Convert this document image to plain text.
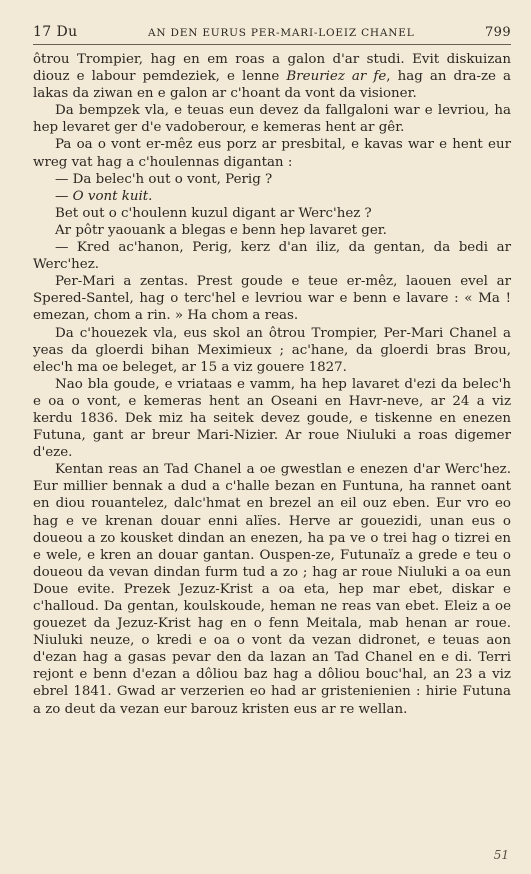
17 Du	AN DEN EURUS PER-MARI-LOEIZ CHANEL	799

ôtrou Trompier, hag en em roas a galon d'ar studi. Evit diskuizan diouz e labour pemdeziek, e lenne Breuriez ar fe, hag an dra-ze a lakas da ziwan en e galon ar c'hoant da vont da visioner.

Da bempzek vla, e teuas eun devez da fallgaloni war e levriou, ha hep levaret ger d'e vadoberour, e kemeras hent ar gêr.

Pa oa o vont er-mêz eus porz ar presbital, e kavas war e hent eur wreg vat hag a c'houlennas digantan :

— Da belec'h out o vont, Perig ?

— O vont kuit.

Bet out o c'houlenn kuzul digant ar Werc'hez ?

Ar pôtr yaouank a blegas e benn hep lavaret ger.

— Kred ac'hanon, Perig, kerz d'an iliz, da gentan, da bedi ar Werc'hez.

Per-Mari a zentas. Prest goude e teue er-mêz, laouen evel ar Spered-Santel, hag o terc'hel e levriou war e benn e lavare : « Ma ! emezan, chom a rin. » Ha chom a reas.

Da c'houezek vla, eus skol an ôtrou Trompier, Per-Mari Chanel a yeas da gloerdi bihan Meximieux ; ac'hane, da gloerdi bras Brou, elec'h ma oe beleget, ar 15 a viz gouere 1827.

Nao bla goude, e vriataas e vamm, ha hep lavaret d'ezi da belec'h e oa o vont, e kemeras hent an Oseani en Havr-neve, ar 24 a viz kerdu 1836. Dek miz ha seitek devez goude, e tiskenne en enezen Futuna, gant ar breur Mari-Nizier. Ar roue Niuluki a roas digemer d'eze.

Kentan reas an Tad Chanel a oe gwestlan e enezen d'ar Werc'hez. Eur millier bennak a dud a c'halle bezan en Funtuna, ha rannet oant en diou rouantelez, dalc'hmat en brezel an eil ouz eben. Eur vro eo hag e ve krenan douar enni alïes. Herve ar gouezidi, unan eus o doueou a zo kousket dindan an enezen, ha pa ve o trei hag o tizrei en e wele, e kren an douar gantan. Ouspen-ze, Futunaïz a grede e teu o doueou da vevan dindan furm tud a zo ; hag ar roue Niuluki a oa eun Doue evite. Prezek Jezuz-Krist a oa eta, hep mar ebet, diskar e c'halloud. Da gentan, koulskoude, heman ne reas van ebet. Eleiz a oe gouezet da Jezuz-Krist hag en o fenn Meitala, mab henan ar roue. Niuluki neuze, o kredi e oa o vont da vezan didronet, e teuas aon d'ezan hag a gasas pevar den da lazan an Tad Chanel en e di. Terri rejont e benn d'ezan a dôliou baz hag a dôliou bouc'hal, an 23 a viz ebrel 1841. Gwad ar verzerien eo had ar gristenienien : hirie Futuna a zo deut da vezan eur barouz kristen eus ar re wellan.

51
